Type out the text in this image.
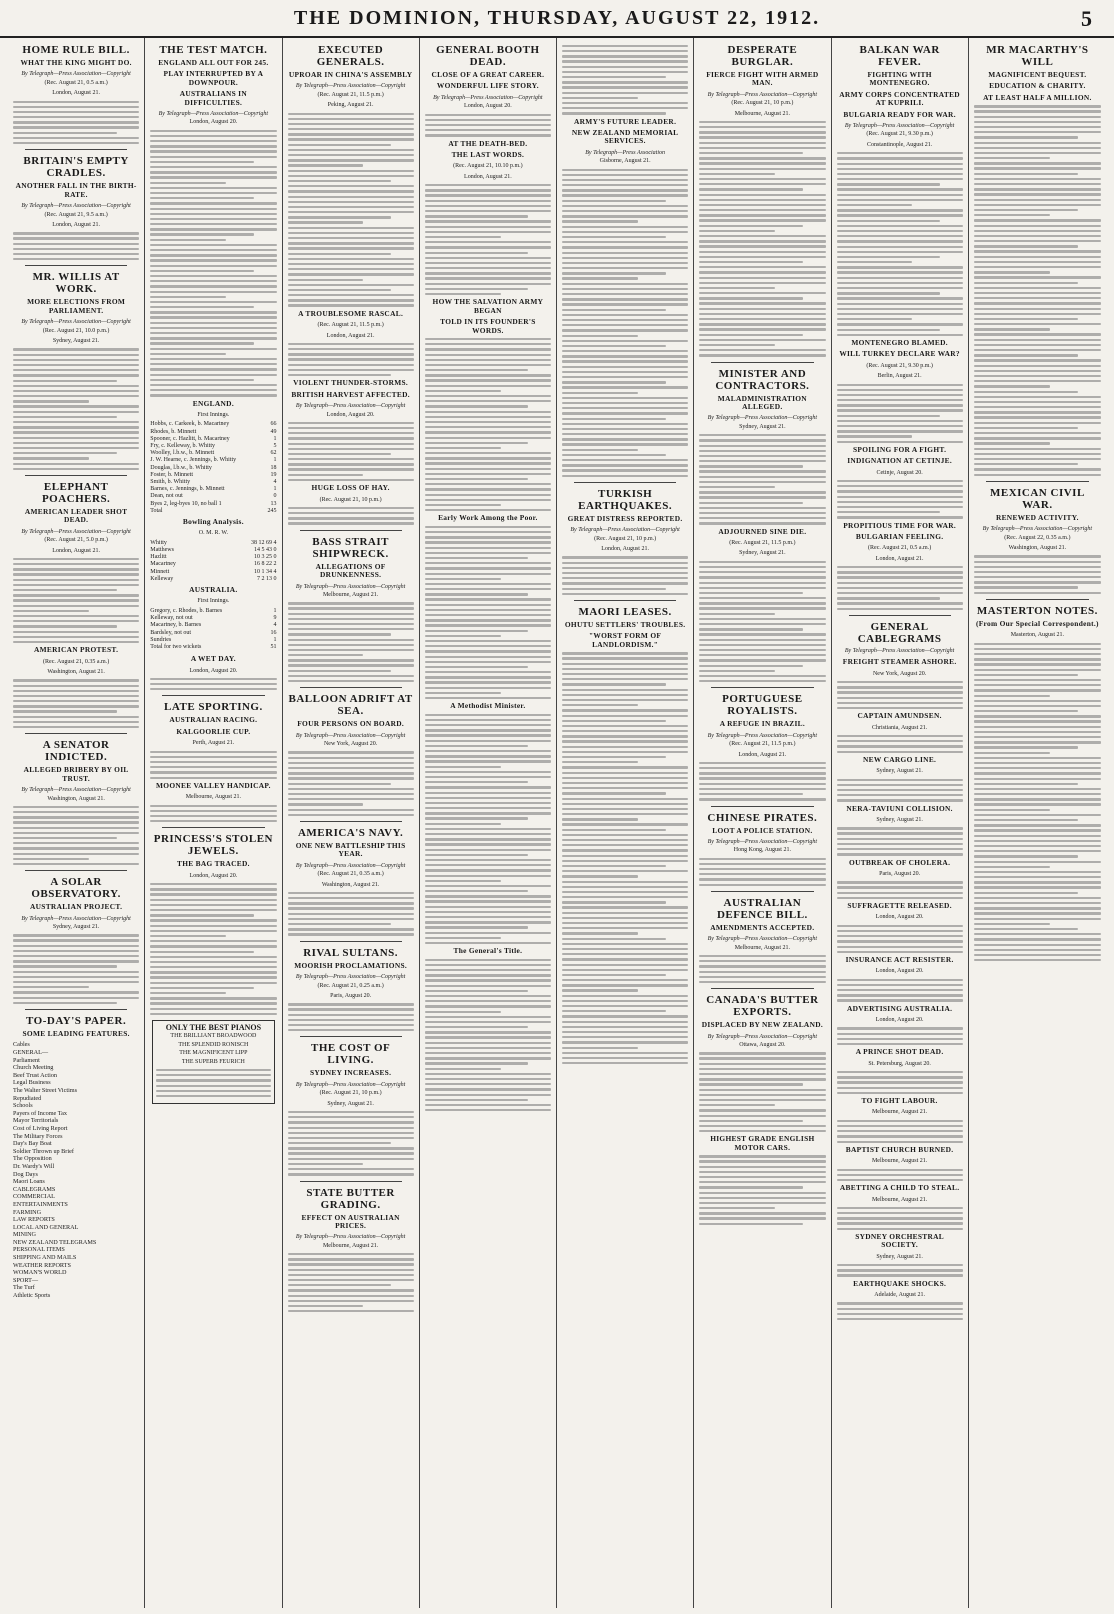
THE DOMINION, THURSDAY, AUGUST 22, 1912.	5
HOME RULE BILL.
WHAT THE KING MIGHT DO.
By Telegraph—Press Association—Copyright
(Rec. August 21, 0.5 a.m.)
London, August 21.
BRITAIN'S EMPTY CRADLES.
ANOTHER FALL IN THE BIRTH-RATE.
By Telegraph—Press Association—Copyright
(Rec. August 21, 9.5 a.m.)
London, August 21.
MR. WILLIS AT WORK.
MORE ELECTIONS FROM PARLIAMENT.
By Telegraph—Press Association—Copyright
(Rec. August 21, 10.0 p.m.)
Sydney, August 21.
ELEPHANT POACHERS.
AMERICAN LEADER SHOT DEAD.
By Telegraph—Press Association—Copyright
(Rec. August 21, 5.0 p.m.)
London, August 21.
AMERICAN PROTEST.
(Rec. August 21, 0.35 a.m.)
Washington, August 21.
A SENATOR INDICTED.
ALLEGED BRIBERY BY OIL TRUST.
By Telegraph—Press Association—Copyright
Washington, August 21.
A SOLAR OBSERVATORY.
AUSTRALIAN PROJECT.
By Telegraph—Press Association—Copyright
Sydney, August 21.
TO-DAY'S PAPER.
SOME LEADING FEATURES.
Cables
GENERAL—
Parliament
Church Meeting
Beef Trust Action
Legal Business
The Walter Street Victims
Repudiated
Schools
Payers of Income Tax
Mayor Territorials
Cost of Living Report
The Military Forces
Day's Bay Boat
Soldier Thrown up Brief
The Opposition
Dr. Wardy's Will
Dog Days
Maori Loans
CABLEGRAMS
COMMERCIAL
ENTERTAINMENTS
FARMING
LAW REPORTS
LOCAL AND GENERAL
MINING
NEW ZEALAND TELEGRAMS
PERSONAL ITEMS
SHIPPING AND MAILS
WEATHER REPORTS
WOMAN'S WORLD
SPORT—
The Turf
Athletic Sports
THE TEST MATCH.
ENGLAND ALL OUT FOR 245.
PLAY INTERRUPTED BY A DOWNPOUR.
AUSTRALIANS IN DIFFICULTIES.
By Telegraph—Press Association—Copyright
London, August 20.
ENGLAND.
First Innings.
Hobbs, c. Carkeek, b. Macartney	66
Rhodes, b. Minnett	49
Spooner, c. Hazlitt, b. Macartney	1
Fry, c. Kelleway, b. Whitty	5
Woolley, l.b.w., b. Minnett	62
J. W. Hearne, c. Jennings, b. Whitty	1
Douglas, l.b.w., b. Whitty	18
Foster, b. Minnett	19
Smith, b. Whitty	4
Barnes, c. Jennings, b. Minnett	1
Dean, not out	0
Byes 2, leg-byes 10, no ball 1	13
Total	245
Bowling Analysis.
O. M. R. W.
Whitty	38 12 69 4
Matthews	14 5 43 0
Hazlitt	10 3 25 0
Macartney	16 8 22 2
Minnett	10 1 34 4
Kelleway	7 2 13 0
AUSTRALIA.
First Innings.
Gregory, c. Rhodes, b. Barnes	1
Kelleway, not out	9
Macartney, b. Barnes	4
Bardsley, not out	16
Sundries	1
Total for two wickets	51
A WET DAY.
London, August 20.
LATE SPORTING.
AUSTRALIAN RACING.
KALGOORLIE CUP.
Perth, August 21.
MOONEE VALLEY HANDICAP.
Melbourne, August 21.
PRINCESS'S STOLEN JEWELS.
THE BAG TRACED.
London, August 20.
ONLY THE BEST PIANOS
THE BRILLIANT BROADWOOD
THE SPLENDID RONISCH
THE MAGNIFICENT LIPP
THE SUPERB FEURICH
EXECUTED GENERALS.
UPROAR IN CHINA'S ASSEMBLY
By Telegraph—Press Association—Copyright
(Rec. August 21, 11.5 p.m.)
Peking, August 21.
A TROUBLESOME RASCAL.
(Rec. August 21, 11.5 p.m.)
London, August 21.
VIOLENT THUNDER-STORMS.
BRITISH HARVEST AFFECTED.
By Telegraph—Press Association—Copyright
London, August 20.
HUGE LOSS OF HAY.
(Rec. August 21, 10 p.m.)
BASS STRAIT SHIPWRECK.
ALLEGATIONS OF DRUNKENNESS.
By Telegraph—Press Association—Copyright
Melbourne, August 21.
BALLOON ADRIFT AT SEA.
FOUR PERSONS ON BOARD.
By Telegraph—Press Association—Copyright
New York, August 20.
AMERICA'S NAVY.
ONE NEW BATTLESHIP THIS YEAR.
By Telegraph—Press Association—Copyright
(Rec. August 21, 0.35 a.m.)
Washington, August 21.
RIVAL SULTANS.
MOORISH PROCLAMATIONS.
By Telegraph—Press Association—Copyright
(Rec. August 21, 0.25 a.m.)
Paris, August 20.
THE COST OF LIVING.
SYDNEY INCREASES.
By Telegraph—Press Association—Copyright
(Rec. August 21, 10 p.m.)
Sydney, August 21.
STATE BUTTER GRADING.
EFFECT ON AUSTRALIAN PRICES.
By Telegraph—Press Association—Copyright
Melbourne, August 21.
GENERAL BOOTH DEAD.
CLOSE OF A GREAT CAREER.
WONDERFUL LIFE STORY.
By Telegraph—Press Association—Copyright
London, August 20.
AT THE DEATH-BED.
THE LAST WORDS.
(Rec. August 21, 10.10 p.m.)
London, August 21.
HOW THE SALVATION ARMY BEGAN
TOLD IN ITS FOUNDER'S WORDS.
Early Work Among the Poor.
A Methodist Minister.
The General's Title.
ARMY'S FUTURE LEADER.
NEW ZEALAND MEMORIAL SERVICES.
By Telegraph—Press Association
Gisborne, August 21.
TURKISH EARTHQUAKES.
GREAT DISTRESS REPORTED.
By Telegraph—Press Association—Copyright
(Rec. August 21, 10 p.m.)
London, August 21.
MAORI LEASES.
OHUTU SETTLERS' TROUBLES.
"WORST FORM OF LANDLORDISM."
DESPERATE BURGLAR.
FIERCE FIGHT WITH ARMED MAN.
By Telegraph—Press Association—Copyright
(Rec. August 21, 10 p.m.)
Melbourne, August 21.
MINISTER AND CONTRACTORS.
MALADMINISTRATION ALLEGED.
By Telegraph—Press Association—Copyright
Sydney, August 21.
ADJOURNED SINE DIE.
(Rec. August 21, 11.5 p.m.)
Sydney, August 21.
PORTUGUESE ROYALISTS.
A REFUGE IN BRAZIL.
By Telegraph—Press Association—Copyright
(Rec. August 21, 11.5 p.m.)
London, August 21.
CHINESE PIRATES.
LOOT A POLICE STATION.
By Telegraph—Press Association—Copyright
Hong Kong, August 21.
AUSTRALIAN DEFENCE BILL.
AMENDMENTS ACCEPTED.
By Telegraph—Press Association—Copyright
Melbourne, August 21.
CANADA'S BUTTER EXPORTS.
DISPLACED BY NEW ZEALAND.
By Telegraph—Press Association—Copyright
Ottawa, August 20.
HIGHEST GRADE ENGLISH MOTOR CARS.
BALKAN WAR FEVER.
FIGHTING WITH MONTENEGRO.
ARMY CORPS CONCENTRATED AT KUPRILI.
BULGARIA READY FOR WAR.
By Telegraph—Press Association—Copyright
(Rec. August 21, 9.30 p.m.)
Constantinople, August 21.
MONTENEGRO BLAMED.
WILL TURKEY DECLARE WAR?
(Rec. August 21, 9.30 p.m.)
Berlin, August 21.
SPOILING FOR A FIGHT.
INDIGNATION AT CETINJE.
Cetinje, August 20.
PROPITIOUS TIME FOR WAR.
BULGARIAN FEELING.
(Rec. August 21, 0.5 a.m.)
London, August 21.
GENERAL CABLEGRAMS
By Telegraph—Press Association—Copyright
FREIGHT STEAMER ASHORE.
New York, August 20.
CAPTAIN AMUNDSEN.
Christiania, August 21.
NEW CARGO LINE.
Sydney, August 21.
NERA-TAVIUNI COLLISION.
Sydney, August 21.
OUTBREAK OF CHOLERA.
Paris, August 20.
SUFFRAGETTE RELEASED.
London, August 20.
INSURANCE ACT RESISTER.
London, August 20.
ADVERTISING AUSTRALIA.
London, August 20.
A PRINCE SHOT DEAD.
St. Petersburg, August 20.
TO FIGHT LABOUR.
Melbourne, August 21.
BAPTIST CHURCH BURNED.
Melbourne, August 21.
ABETTING A CHILD TO STEAL.
Melbourne, August 21.
SYDNEY ORCHESTRAL SOCIETY.
Sydney, August 21.
EARTHQUAKE SHOCKS.
Adelaide, August 21.
MR MACARTHY'S WILL
MAGNIFICENT BEQUEST.
EDUCATION & CHARITY.
AT LEAST HALF A MILLION.
MEXICAN CIVIL WAR.
RENEWED ACTIVITY.
By Telegraph—Press Association—Copyright
(Rec. August 22, 0.35 a.m.)
Washington, August 21.
MASTERTON NOTES.
(From Our Special Correspondent.)
Masterton, August 21.
